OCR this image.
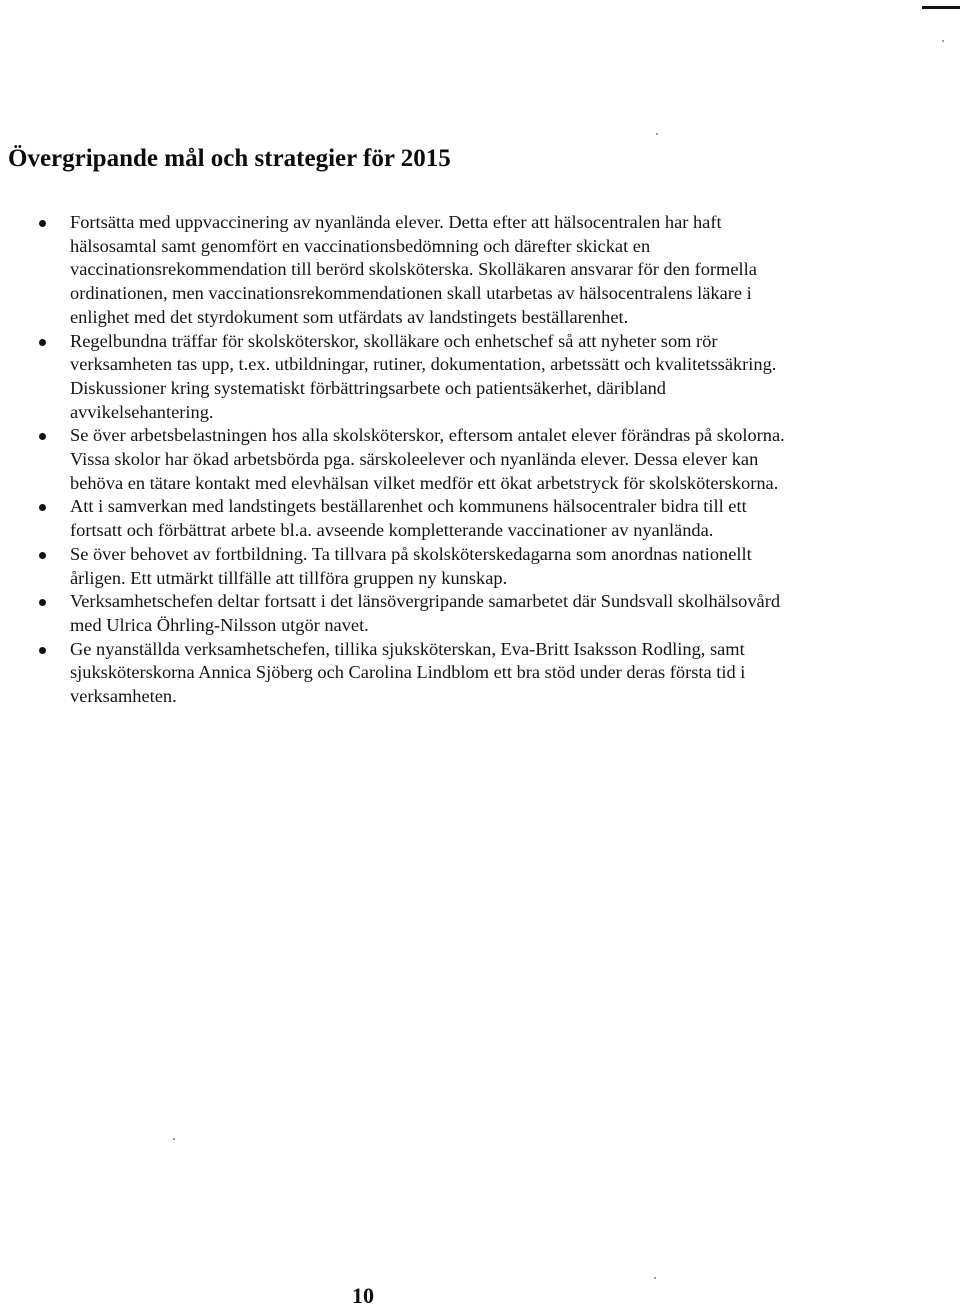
Övergripande mål och strategier för 2015
Fortsätta med uppvaccinering av nyanlända elever. Detta efter att hälsocentralen har haft hälsosamtal samt genomfört en vaccinationsbedömning och därefter skickat en vaccinationsrekommendation till berörd skolsköterska. Skolläkaren ansvarar för den formella ordinationen, men vaccinationsrekommendationen skall utarbetas av hälsocentralens läkare i enlighet med det styrdokument som utfärdats av landstingets beställarenhet.
Regelbundna träffar för skolsköterskor, skolläkare och enhetschef så att nyheter som rör verksamheten tas upp, t.ex. utbildningar, rutiner, dokumentation, arbetssätt och kvalitetssäkring. Diskussioner kring systematiskt förbättringsarbete och patientsäkerhet, däribland avvikelsehantering.
Se över arbetsbelastningen hos alla skolsköterskor, eftersom antalet elever förändras på skolorna. Vissa skolor har ökad arbetsbörda pga. särskoleelever och nyanlända elever. Dessa elever kan behöva en tätare kontakt med elevhälsan vilket medför ett ökat arbetstryck för skolsköterskorna.
Att i samverkan med landstingets beställarenhet och kommunens hälsocentraler bidra till ett fortsatt och förbättrat arbete bl.a. avseende kompletterande vaccinationer av nyanlända.
Se över behovet av fortbildning. Ta tillvara på skolsköterskedagarna som anordnas nationellt årligen. Ett utmärkt tillfälle att tillföra gruppen ny kunskap.
Verksamhetschefen deltar fortsatt i det länsövergripande samarbetet där Sundsvall skolhälsovård med Ulrica Öhrling-Nilsson utgör navet.
Ge nyanställda verksamhetschefen, tillika sjuksköterskan, Eva-Britt Isaksson Rodling, samt sjuksköterskorna Annica Sjöberg och Carolina Lindblom ett bra stöd under deras första tid i verksamheten.
10
